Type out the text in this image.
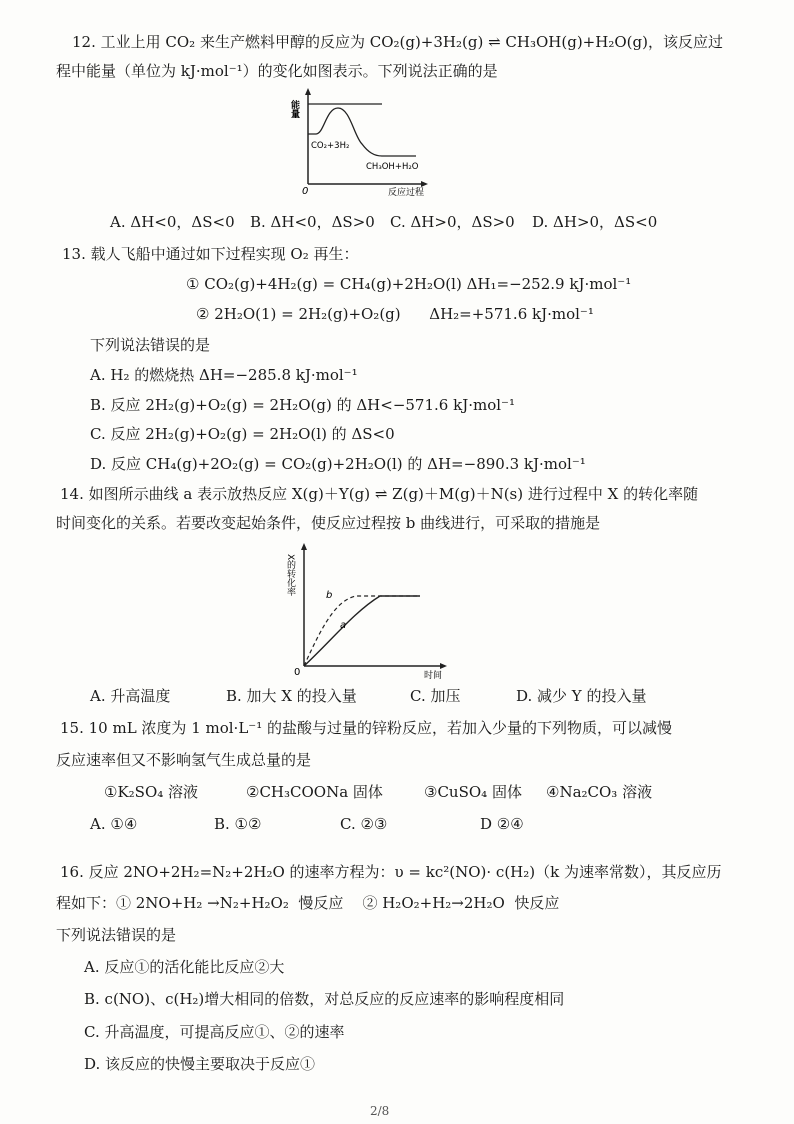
12. 工业上用 CO₂ 来生产燃料甲醇的反应为 CO₂(g)+3H₂(g) ⇌ CH₃OH(g)+H₂O(g)，该反应过
程中能量（单位为 kJ·mol⁻¹）的变化如图表示。下列说法正确的是
能量
0	反应过程
CO₂+3H₂
CH₃OH+H₂O
A. ΔH<0，ΔS<0 B. ΔH<0，ΔS>0 C. ΔH>0，ΔS>0 D. ΔH>0，ΔS<0
13. 载人飞船中通过如下过程实现 O₂ 再生：
① CO₂(g)+4H₂(g) = CH₄(g)+2H₂O(l) ΔH₁=−252.9 kJ·mol⁻¹
② 2H₂O(1) = 2H₂(g)+O₂(g)      ΔH₂=+571.6 kJ·mol⁻¹
下列说法错误的是
A. H₂ 的燃烧热 ΔH=−285.8 kJ·mol⁻¹
B. 反应 2H₂(g)+O₂(g) = 2H₂O(g) 的 ΔH<−571.6 kJ·mol⁻¹
C. 反应 2H₂(g)+O₂(g) = 2H₂O(l) 的 ΔS<0
D. 反应 CH₄(g)+2O₂(g) = CO₂(g)+2H₂O(l) 的 ΔH=−890.3 kJ·mol⁻¹
14. 如图所示曲线 a 表示放热反应 X(g)＋Y(g) ⇌ Z(g)＋M(g)＋N(s) 进行过程中 X 的转化率随
时间变化的关系。若要改变起始条件，使反应过程按 b 曲线进行，可采取的措施是
X的转化率
0	时间
b
a
A. 升高温度	B. 加大 X 的投入量	C. 加压	D. 减少 Y 的投入量
15. 10 mL 浓度为 1 mol·L⁻¹ 的盐酸与过量的锌粉反应，若加入少量的下列物质，可以减慢
反应速率但又不影响氢气生成总量的是
①K₂SO₄ 溶液	②CH₃COONa 固体	③CuSO₄ 固体 ④Na₂CO₃ 溶液
A. ①④	B. ①②	C. ②③	D ②④
16. 反应 2NO+2H₂=N₂+2H₂O 的速率方程为：υ = kc²(NO)· c(H₂)（k 为速率常数），其反应历
程如下：① 2NO+H₂ →N₂+H₂O₂  慢反应    ② H₂O₂+H₂→2H₂O  快反应
下列说法错误的是
A. 反应①的活化能比反应②大
B. c(NO)、c(H₂)增大相同的倍数，对总反应的反应速率的影响程度相同
C. 升高温度，可提高反应①、②的速率
D. 该反应的快慢主要取决于反应①
2/8
